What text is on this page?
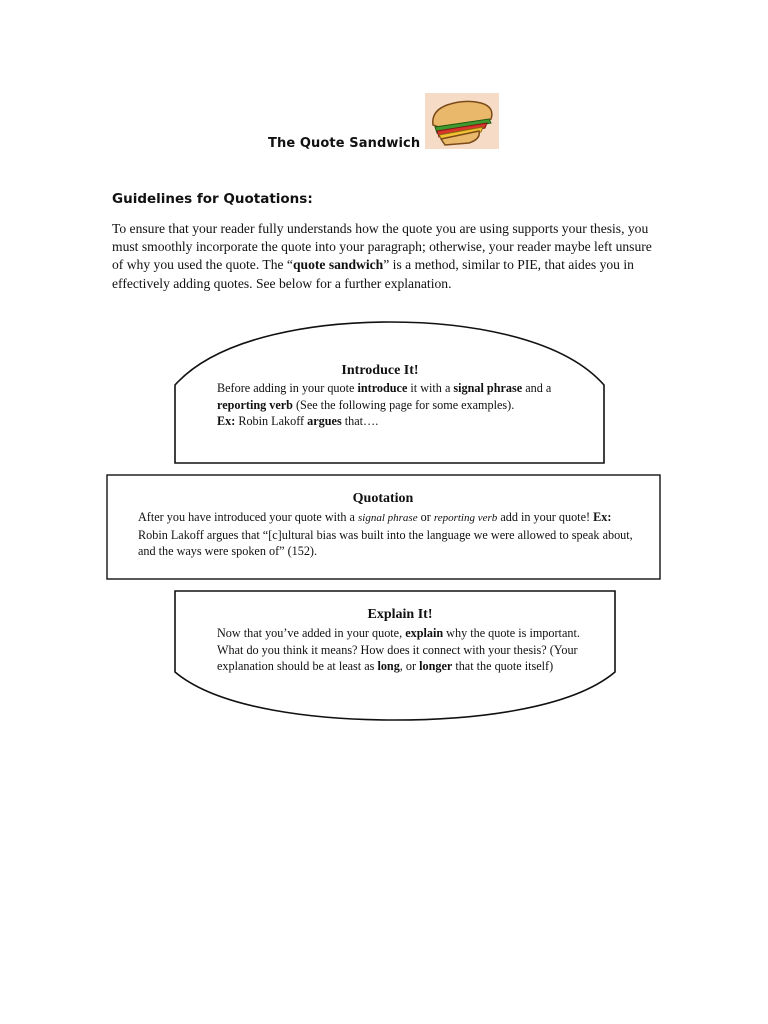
The Quote Sandwich
Guidelines for Quotations:
To ensure that your reader fully understands how the quote you are using supports your thesis, you must smoothly incorporate the quote into your paragraph; otherwise, your reader maybe left unsure of why you used the quote. The “quote sandwich” is a method, similar to PIE, that aides you in effectively adding quotes. See below for a further explanation.
Introduce It!
Before adding in your quote introduce it with a signal phrase and a reporting verb (See the following page for some examples).
Ex: Robin Lakoff argues that….
Quotation
After you have introduced your quote with a signal phrase or reporting verb add in your quote! Ex: Robin Lakoff argues that “[c]ultural bias was built into the language we were allowed to speak about, and the ways were spoken of” (152).
Explain It!
Now that you’ve added in your quote, explain why the quote is important. What do you think it means? How does it connect with your thesis? (Your explanation should be at least as long, or longer that the quote itself)
